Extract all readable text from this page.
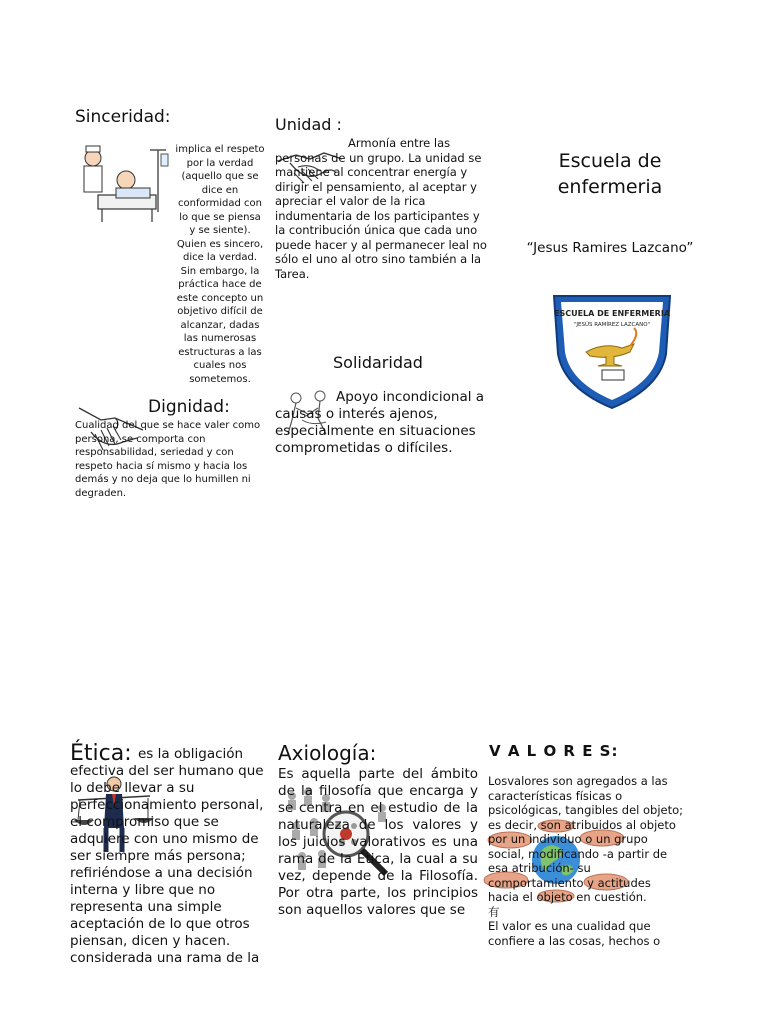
Sinceridad:

implica el respeto por la verdad (aquello que se dice en conformidad con lo que se piensa y se siente). Quien es sincero, dice la verdad. Sin embargo, la práctica hace de este concepto un objetivo difícil de alcanzar, dadas las numerosas estructuras a las cuales nos sometemos.

Unidad :

Armonía entre las personas de un grupo. La unidad se mantiene al concentrar energía y dirigir el pensamiento, al aceptar y apreciar el valor de la rica indumentaria de los participantes y la contribución única que cada uno puede hacer y al permanecer leal no sólo el uno al otro sino también a la Tarea.

Escuela de enfermeria
“Jesus Ramires Lazcano”
ESCUELA DE ENFERMERIA
"JESÚS RAMÍREZ LAZCANO"
Solidaridad

Apoyo incondicional a causas o interés ajenos, especialmente en situaciones comprometidas o difíciles.

Dignidad:

Cualidad del que se hace valer como persona, se comporta con responsabilidad, seriedad y con respeto hacia sí mismo y hacia los demás y no deja que lo humillen ni degraden.

Ética: es la obligación efectiva del ser humano que lo debe llevar a su perfeccionamiento personal, el compromiso que se adquiere con uno mismo de ser siempre más persona; refiriéndose a una decisión interna y libre que no representa una simple aceptación de lo que otros piensan, dicen y hacen. considerada una rama de la

Axiología:

Es aquella parte del ámbito de la filosofía que encarga y se centra en el estudio de la naturaleza de los valores y los juicios valorativos es una rama de la Ética, la cual a su vez, depende de la Filosofía. Por otra parte, los principios son aquellos valores que se

V A L O R E S:

Losvalores son agregados a las características físicas o psicológicas, tangibles del objeto; es decir, son atribuidos al objeto por un individuo o un grupo social, modificando -a partir de esa atribución- su comportamiento y actitudes hacia el objeto en cuestión.

有

El valor es una cualidad que confiere a las cosas, hechos o
